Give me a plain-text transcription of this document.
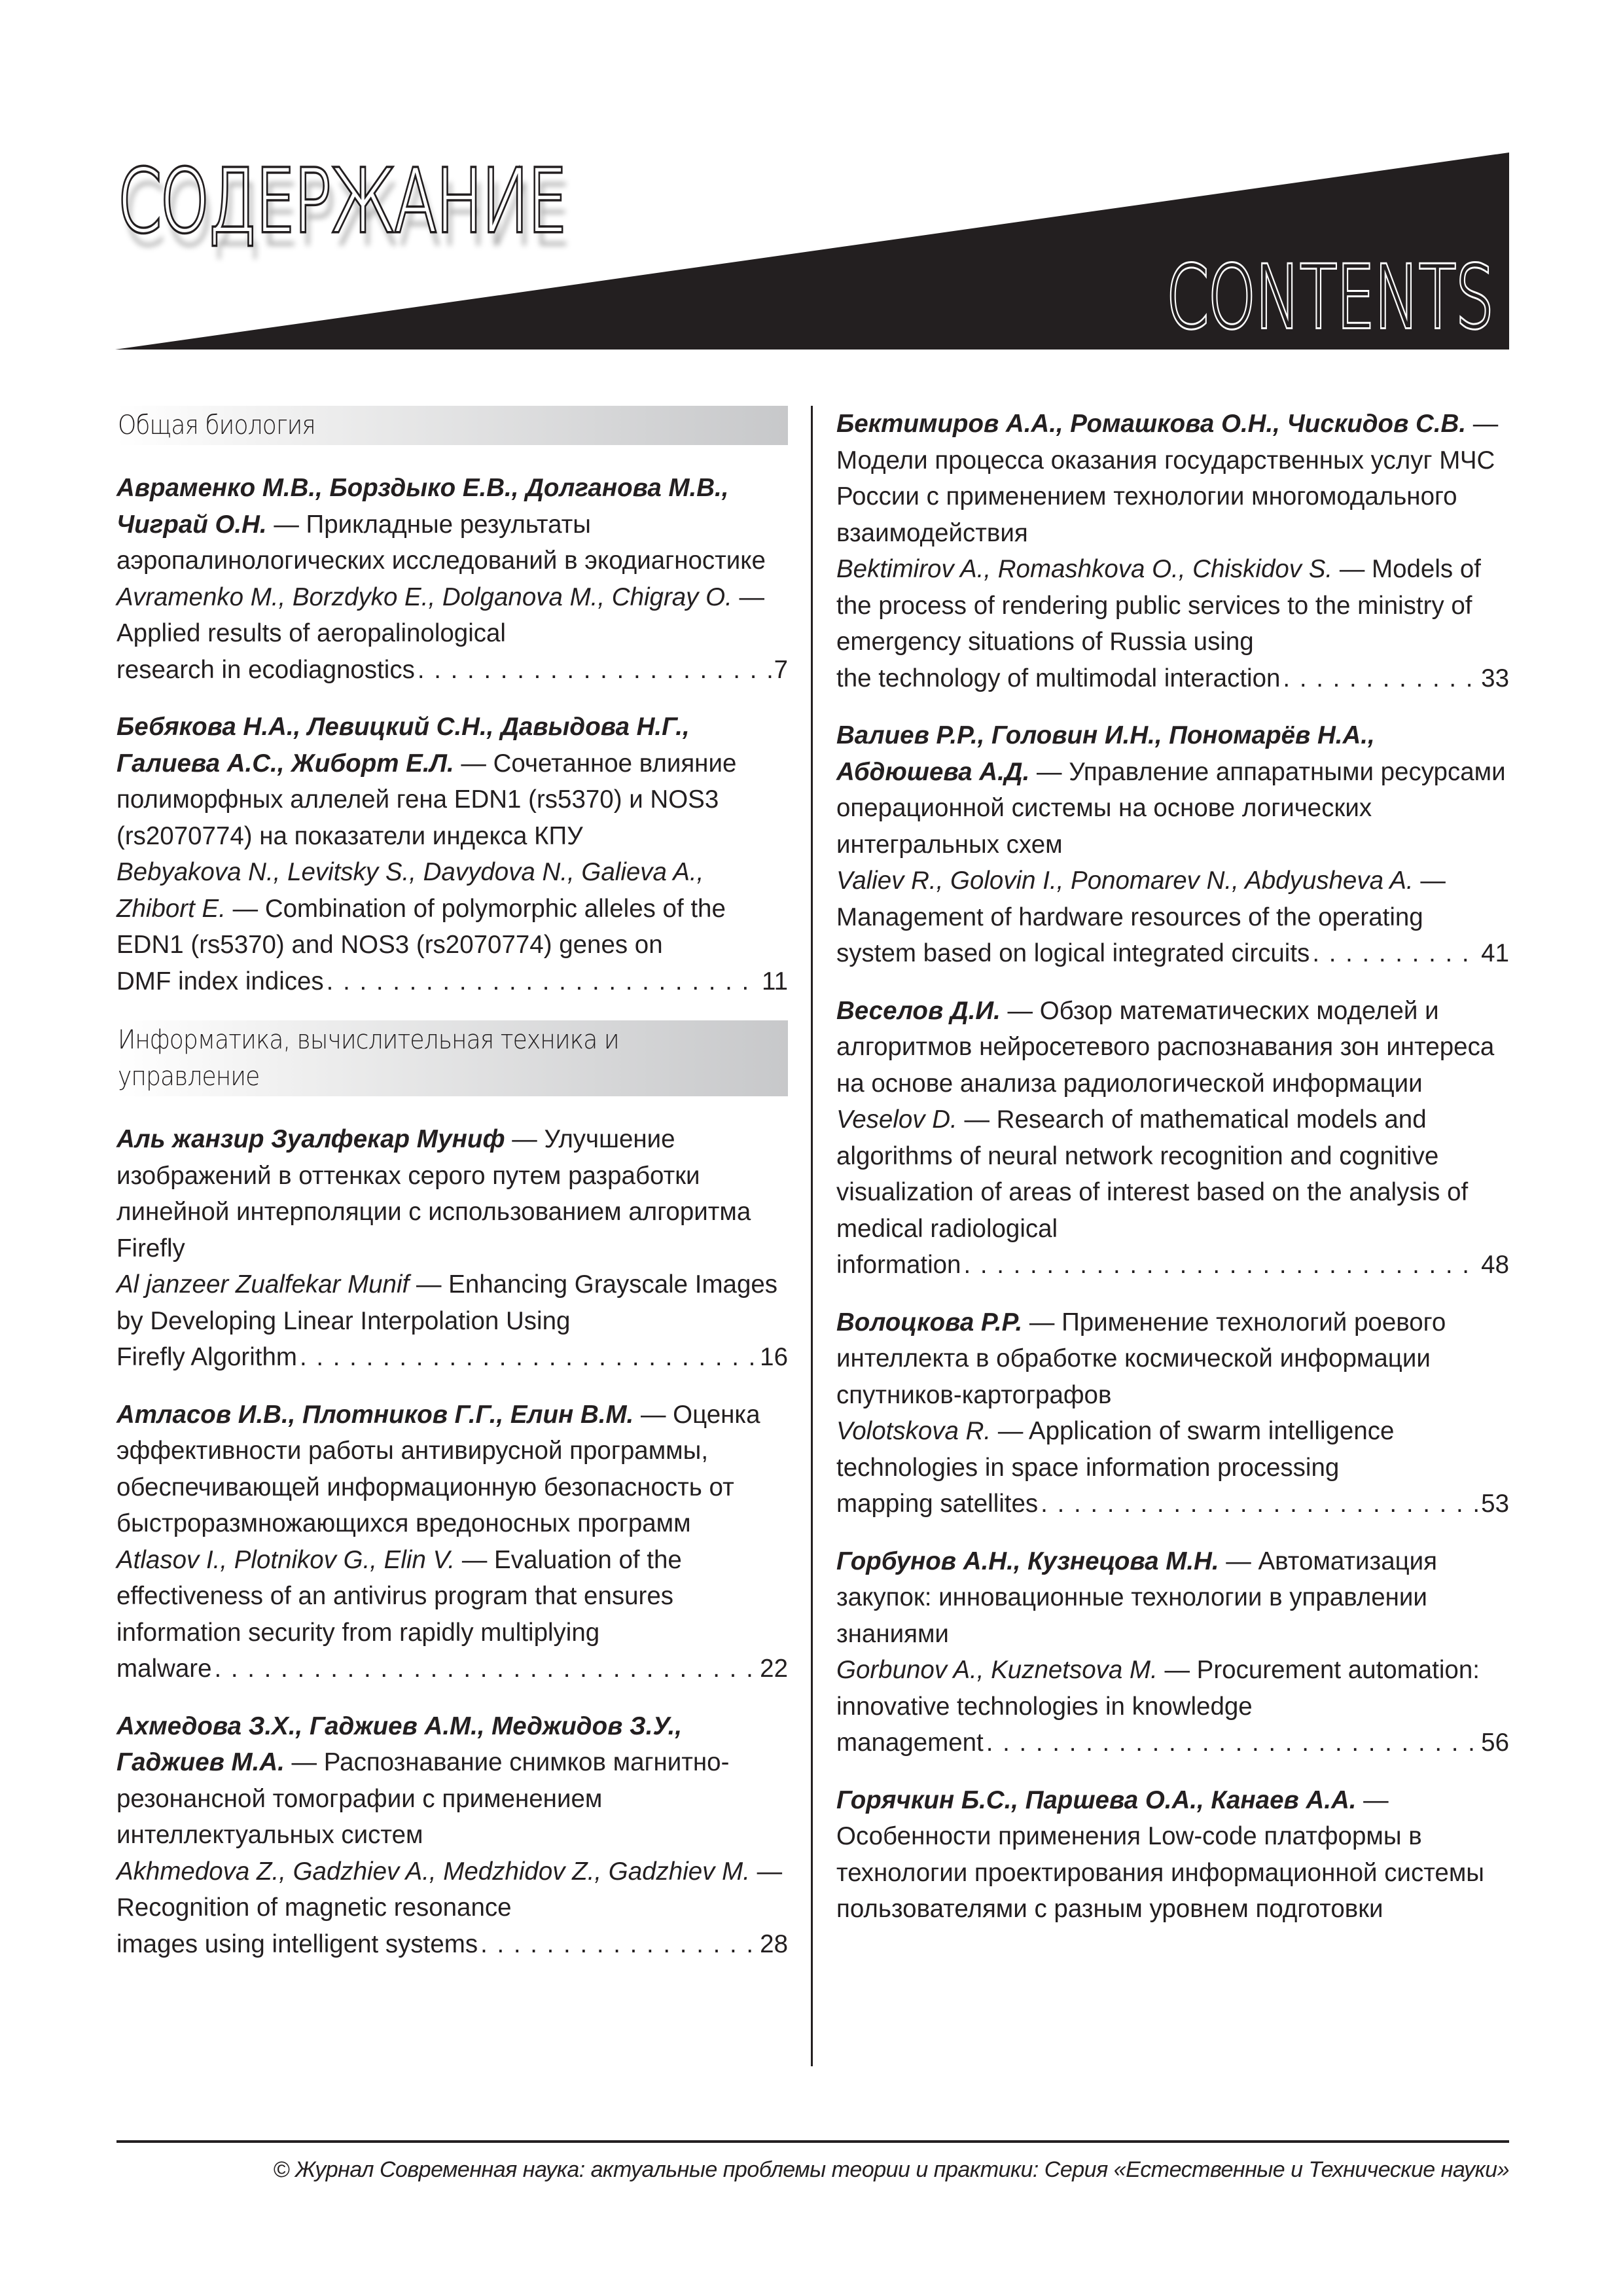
СОДЕРЖАНИЕ
CONTENTS
Общая биология

Авраменко М.В., Борздыко Е.В., Долганова М.В., Чиграй О.Н. — Прикладные результаты аэропалинологических исследований в экодиагностике

Avramenko M., Borzdyko E., Dolganova M., Chigray O. — Applied results of aeropalinological

research in ecodiagnostics . . .	7

Бебякова Н.А., Левицкий С.Н., Давыдова Н.Г., Галиева А.С., Жиборт Е.Л. — Сочетанное влияние полиморфных аллелей гена EDN1 (rs5370) и NOS3 (rs2070774) на показатели индекса КПУ

Bebyakova N., Levitsky S., Davydova N., Galieva A., Zhibort E. — Combination of polymorphic alleles of the EDN1 (rs5370) and NOS3 (rs2070774) genes on

DMF index indices . . .	11
Информатика, вычислительная техника и управление

Аль жанзир Зуалфекар Муниф — Улучшение изображений в оттенках серого путем разработки линейной интерполяции с использованием алгоритма Firefly

Al janzeer Zualfekar Munif — Enhancing Grayscale Images by Developing Linear Interpolation Using

Firefly Algorithm . . .	16

Атласов И.В., Плотников Г.Г., Елин В.М. — Оценка эффективности работы антивирусной программы, обеспечивающей информационную безопасность от быстроразмножающихся вредоносных программ

Atlasov I., Plotnikov G., Elin V. — Evaluation of the effectiveness of an antivirus program that ensures information security from rapidly multiplying

malware . . .	22

Ахмедова З.Х., Гаджиев А.М., Меджидов З.У., Гаджиев М.А. — Распознавание снимков магнитно-резонансной томографии с применением интеллектуальных систем

Akhmedova Z., Gadzhiev A., Medzhidov Z., Gadzhiev M. — Recognition of magnetic resonance

images using intelligent systems . . .	28

Бектимиров А.А., Ромашкова О.Н., Чискидов С.В. — Модели процесса оказания государственных услуг МЧС России с применением технологии многомодального взаимодействия

Bektimirov A., Romashkova O., Chiskidov S. — Models of the process of rendering public services to the ministry of emergency situations of Russia using

the technology of multimodal interaction . . .	33

Валиев Р.Р., Головин И.Н., Пономарёв Н.А., Абдюшева А.Д. — Управление аппаратными ресурсами операционной системы на основе логических интегральных схем

Valiev R., Golovin I., Ponomarev N., Abdyusheva A. — Management of hardware resources of the operating

system based on logical integrated circuits . . .	41

Веселов Д.И. — Обзор математических моделей и алгоритмов нейросетевого распознавания зон интереса на основе анализа радиологической информации

Veselov D. — Research of mathematical models and algorithms of neural network recognition and cognitive visualization of areas of interest based on the analysis of medical radiological

information . . .	48

Волоцкова Р.Р. — Применение технологий роевого интеллекта в обработке космической информации спутников-картографов

Volotskova R. — Application of swarm intelligence technologies in space information processing

mapping satellites . . .	53

Горбунов А.Н., Кузнецова М.Н. — Автоматизация закупок: инновационные технологии в управлении знаниями

Gorbunov A., Kuznetsova M. — Procurement automation: innovative technologies in knowledge

management . . .	56

Горячкин Б.С., Паршева О.А., Канаев А.А. — Особенности применения Low-code платформы в технологии проектирования информационной системы пользователями с разным уровнем подготовки

© Журнал Современная наука: актуальные проблемы теории и практики: Серия «Естественные и Технические науки»
